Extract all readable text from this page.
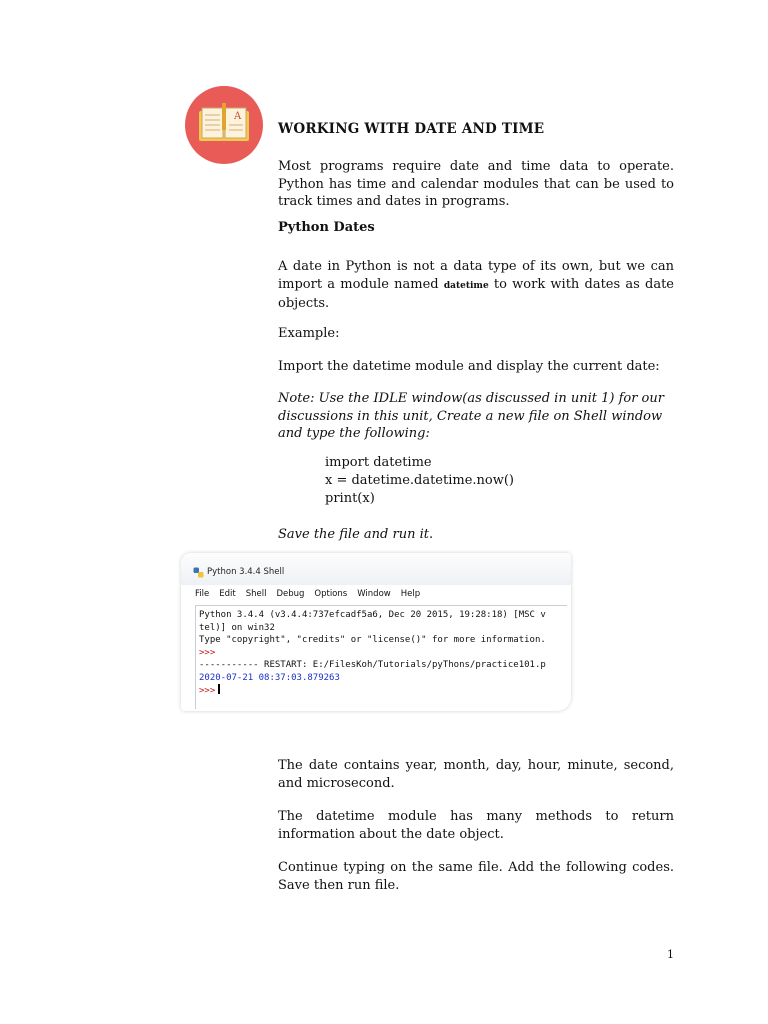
A
WORKING WITH DATE AND TIME
Most programs require date and time data to operate. Python has time and calendar modules that can be used to track times and dates in programs.
Python Dates
A date in Python is not a data type of its own, but we can import a module named datetime to work with dates as date objects.
Example:
Import the datetime module and display the current date:
Note: Use the IDLE window(as discussed in unit 1) for our discussions in this unit, Create a new file on Shell window and type the following:
import datetime
x = datetime.datetime.now()
print(x)
Save the file and run it.
Python 3.4.4 Shell
File Edit Shell Debug Options Window Help
Python 3.4.4 (v3.4.4:737efcadf5a6, Dec 20 2015, 19:28:18) [MSC v
tel)] on win32
Type "copyright", "credits" or "license()" for more information.
>>>
----------- RESTART: E:/FilesKoh/Tutorials/pyThons/practice101.p
2020-07-21 08:37:03.879263
>>>
The date contains year, month, day, hour, minute, second, and microsecond.
The datetime module has many methods to return information about the date object.
Continue typing on the same file. Add the following codes. Save then run file.
1
